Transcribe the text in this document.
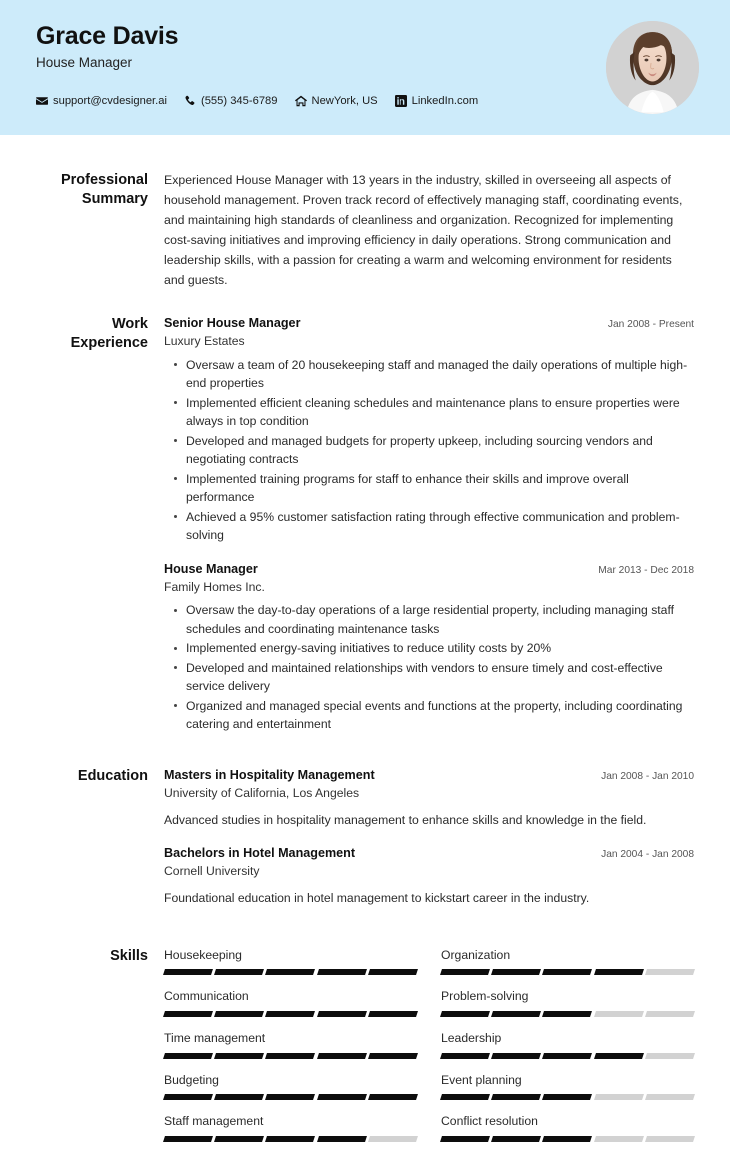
Grace Davis
House Manager
support@cvdesigner.ai	(555) 345-6789	NewYork, US	LinkedIn.com
Professional Summary
Experienced House Manager with 13 years in the industry, skilled in overseeing all aspects of household management. Proven track record of effectively managing staff, coordinating events, and maintaining high standards of cleanliness and organization. Recognized for implementing cost-saving initiatives and improving efficiency in daily operations. Strong communication and leadership skills, with a passion for creating a warm and welcoming environment for residents and guests.
Work Experience
Senior House Manager	Jan 2008 - Present
Luxury Estates
Oversaw a team of 20 housekeeping staff and managed the daily operations of multiple high-end properties
Implemented efficient cleaning schedules and maintenance plans to ensure properties were always in top condition
Developed and managed budgets for property upkeep, including sourcing vendors and negotiating contracts
Implemented training programs for staff to enhance their skills and improve overall performance
Achieved a 95% customer satisfaction rating through effective communication and problem-solving
House Manager	Mar 2013 - Dec 2018
Family Homes Inc.
Oversaw the day-to-day operations of a large residential property, including managing staff schedules and coordinating maintenance tasks
Implemented energy-saving initiatives to reduce utility costs by 20%
Developed and maintained relationships with vendors to ensure timely and cost-effective service delivery
Organized and managed special events and functions at the property, including coordinating catering and entertainment
Education	Masters in Hospitality Management	Jan 2008 - Jan 2010
University of California, Los Angeles
Advanced studies in hospitality management to enhance skills and knowledge in the field.
Bachelors in Hotel Management	Jan 2004 - Jan 2008
Cornell University
Foundational education in hotel management to kickstart career in the industry.
Skills	Housekeeping	Organization
Communication	Problem-solving
Time management	Leadership
Budgeting	Event planning
Staff management	Conflict resolution
